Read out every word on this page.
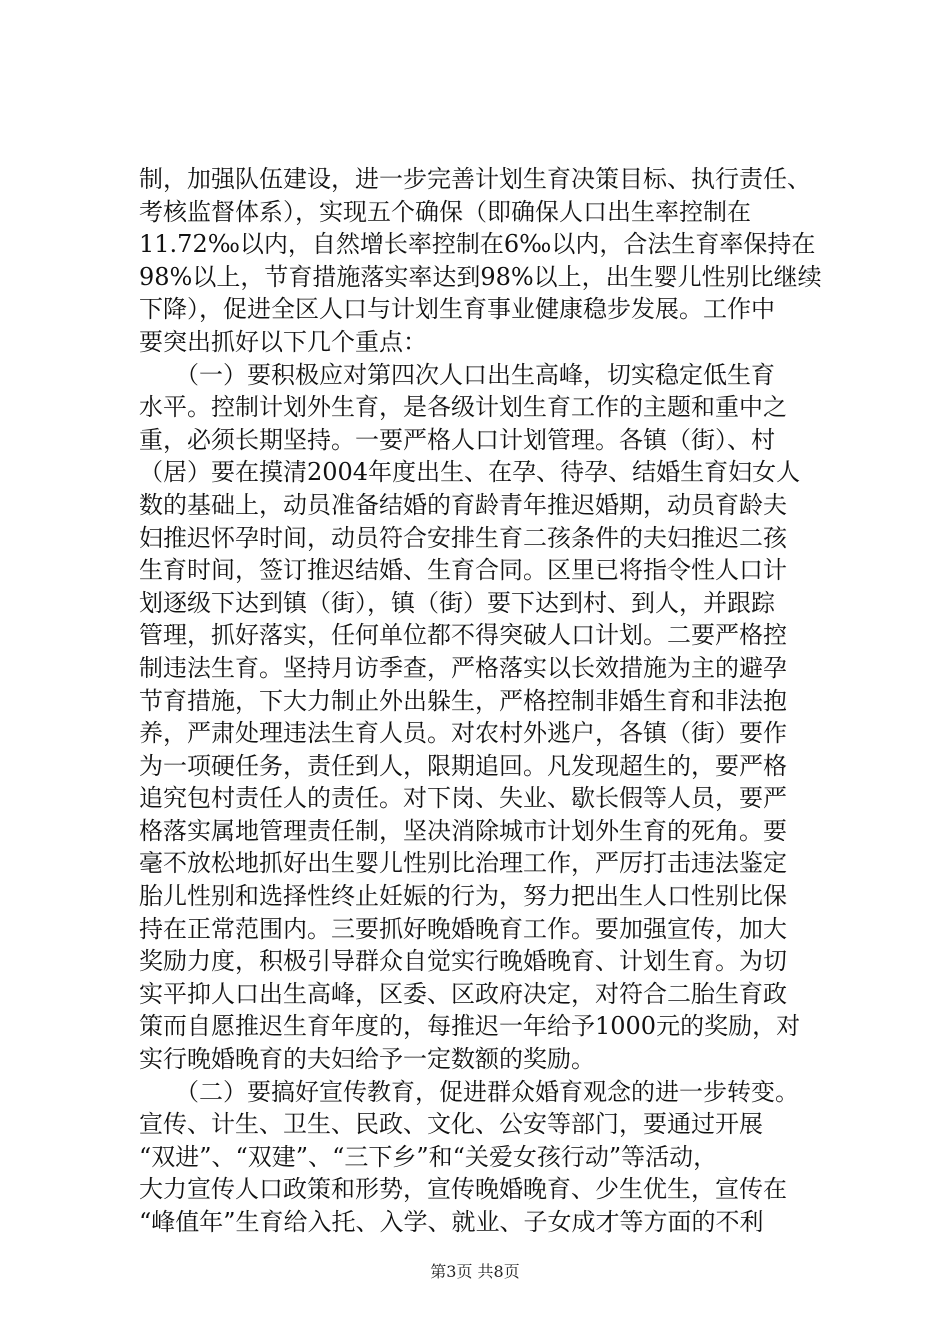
制，加强队伍建设，进一步完善计划生育决策目标、执行责任、
考核监督体系），实现五个确保（即确保人口出生率控制在
11.72‰以内，自然增长率控制在6‰以内，合法生育率保持在
98%以上，节育措施落实率达到98%以上，出生婴儿性别比继续
下降），促进全区人口与计划生育事业健康稳步发展。工作中
要突出抓好以下几个重点：
　　（一）要积极应对第四次人口出生高峰，切实稳定低生育
水平。控制计划外生育，是各级计划生育工作的主题和重中之
重，必须长期坚持。一要严格人口计划管理。各镇（街）、村
（居）要在摸清2004年度出生、在孕、待孕、结婚生育妇女人
数的基础上，动员准备结婚的育龄青年推迟婚期，动员育龄夫
妇推迟怀孕时间，动员符合安排生育二孩条件的夫妇推迟二孩
生育时间，签订推迟结婚、生育合同。区里已将指令性人口计
划逐级下达到镇（街），镇（街）要下达到村、到人，并跟踪
管理，抓好落实，任何单位都不得突破人口计划。二要严格控
制违法生育。坚持月访季查，严格落实以长效措施为主的避孕
节育措施，下大力制止外出躲生，严格控制非婚生育和非法抱
养，严肃处理违法生育人员。对农村外逃户，各镇（街）要作
为一项硬任务，责任到人，限期追回。凡发现超生的，要严格
追究包村责任人的责任。对下岗、失业、歇长假等人员，要严
格落实属地管理责任制，坚决消除城市计划外生育的死角。要
毫不放松地抓好出生婴儿性别比治理工作，严厉打击违法鉴定
胎儿性别和选择性终止妊娠的行为，努力把出生人口性别比保
持在正常范围内。三要抓好晚婚晚育工作。要加强宣传，加大
奖励力度，积极引导群众自觉实行晚婚晚育、计划生育。为切
实平抑人口出生高峰，区委、区政府决定，对符合二胎生育政
策而自愿推迟生育年度的，每推迟一年给予1000元的奖励，对
实行晚婚晚育的夫妇给予一定数额的奖励。
　　（二）要搞好宣传教育，促进群众婚育观念的进一步转变。
宣传、计生、卫生、民政、文化、公安等部门，要通过开展
“双进”、“双建”、“三下乡”和“关爱女孩行动”等活动，
大力宣传人口政策和形势，宣传晚婚晚育、少生优生，宣传在
“峰值年”生育给入托、入学、就业、子女成才等方面的不利
第3页 共8页
